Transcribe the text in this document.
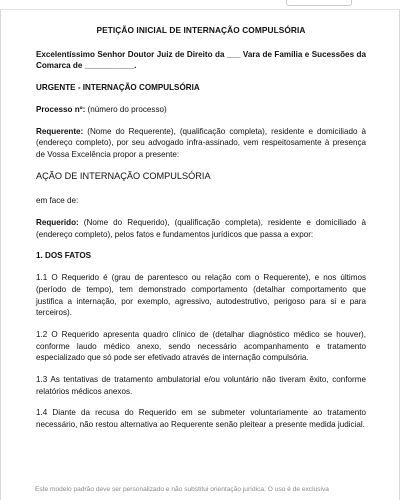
PETIÇÃO INICIAL DE INTERNAÇÃO COMPULSÓRIA

Excelentíssimo Senhor Doutor Juiz de Direito da ___ Vara de Família e Sucessões da Comarca de ___________.

URGENTE - INTERNAÇÃO COMPULSÓRIA

Processo nº: (número do processo)

Requerente: (Nome do Requerente), (qualificação completa), residente e domiciliado à (endereço completo), por seu advogado infra-assinado, vem respeitosamente à presença de Vossa Excelência propor a presente:

AÇÃO DE INTERNAÇÃO COMPULSÓRIA

em face de:

Requerido: (Nome do Requerido), (qualificação completa), residente e domiciliado à (endereço completo), pelos fatos e fundamentos jurídicos que passa a expor:

1. DOS FATOS

1.1 O Requerido é (grau de parentesco ou relação com o Requerente), e nos últimos (período de tempo), tem demonstrado comportamento (detalhar comportamento que justifica a internação, por exemplo, agressivo, autodestrutivo, perigoso para si e para terceiros).

1.2 O Requerido apresenta quadro clínico de (detalhar diagnóstico médico se houver), conforme laudo médico anexo, sendo necessário acompanhamento e tratamento especializado que só pode ser efetivado através de internação compulsória.

1.3 As tentativas de tratamento ambulatorial e/ou voluntário não tiveram êxito, conforme relatórios médicos anexos.

1.4 Diante da recusa do Requerido em se submeter voluntariamente ao tratamento necessário, não restou alternativa ao Requerente senão pleitear a presente medida judicial.

Este modelo padrão deve ser personalizado e não substitui orientação jurídica. O uso é de exclusiva
